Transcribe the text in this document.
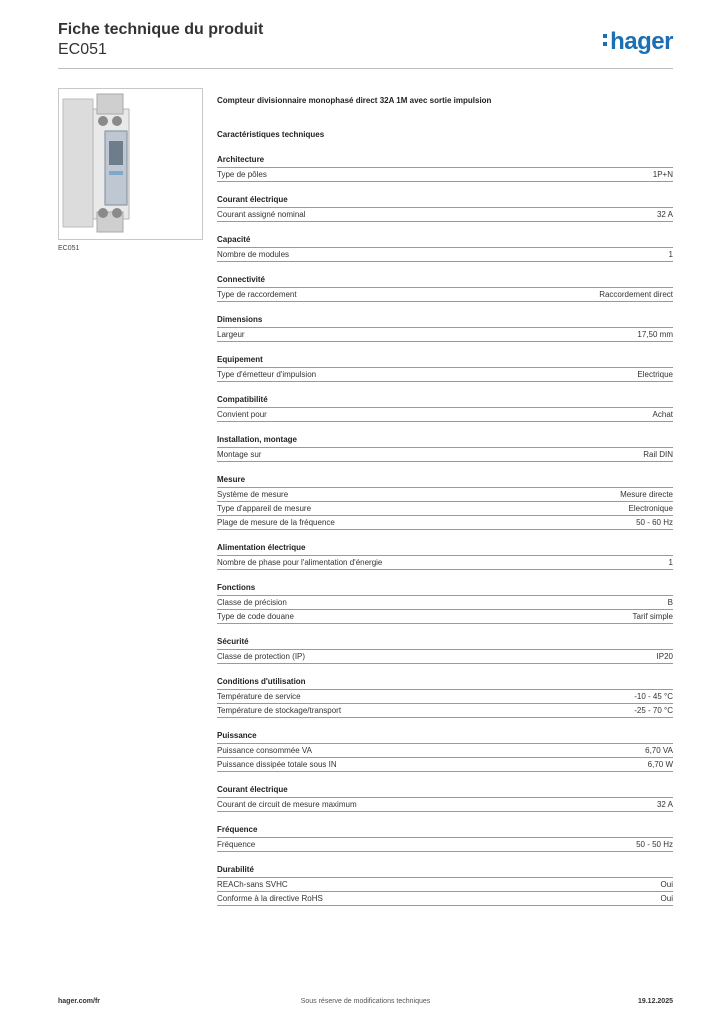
Fiche technique du produit
EC051	hager
EC051
Compteur divisionnaire monophasé direct 32A 1M avec sortie impulsion
Caractéristiques techniques
Architecture
Type de pôles	1P+N
Courant électrique
Courant assigné nominal	32 A
Capacité
Nombre de modules	1
Connectivité
Type de raccordement	Raccordement direct
Dimensions
Largeur	17,50 mm
Equipement
Type d'émetteur d'impulsion	Electrique
Compatibilité
Convient pour	Achat
Installation, montage
Montage sur	Rail DIN
Mesure
Système de mesure	Mesure directe
Type d'appareil de mesure	Electronique
Plage de mesure de la fréquence	50 - 60 Hz
Alimentation électrique
Nombre de phase pour l'alimentation d'énergie	1
Fonctions
Classe de précision	B
Type de code douane	Tarif simple
Sécurité
Classe de protection (IP)	IP20
Conditions d'utilisation
Température de service	-10 - 45 °C
Température de stockage/transport	-25 - 70 °C
Puissance
Puissance consommée VA	6,70 VA
Puissance dissipée totale sous IN	6,70 W
Courant électrique
Courant de circuit de mesure maximum	32 A
Fréquence
Fréquence	50 - 50 Hz
Durabilité
REACh-sans SVHC	Oui
Conforme à la directive RoHS	Oui
hager.com/fr	Sous réserve de modifications techniques	19.12.2025
